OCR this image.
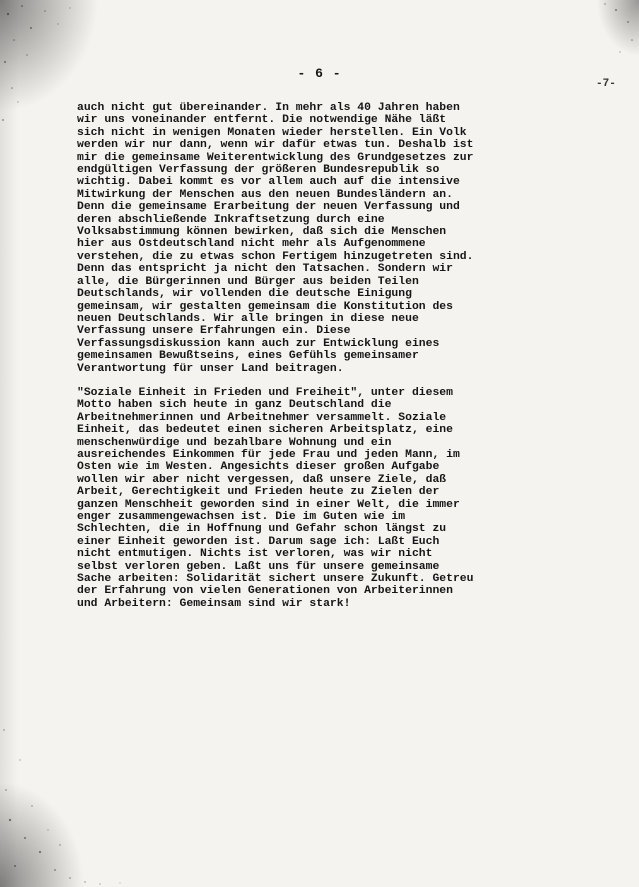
- 6 -
-7-

auch nicht gut übereinander. In mehr als 40 Jahren haben
wir uns voneinander entfernt. Die notwendige Nähe läßt
sich nicht in wenigen Monaten wieder herstellen. Ein Volk
werden wir nur dann, wenn wir dafür etwas tun. Deshalb ist
mir die gemeinsame Weiterentwicklung des Grundgesetzes zur
endgültigen Verfassung der größeren Bundesrepublik so
wichtig. Dabei kommt es vor allem auch auf die intensive
Mitwirkung der Menschen aus den neuen Bundesländern an.
Denn die gemeinsame Erarbeitung der neuen Verfassung und
deren abschließende Inkraftsetzung durch eine
Volksabstimmung können bewirken, daß sich die Menschen
hier aus Ostdeutschland nicht mehr als Aufgenommene
verstehen, die zu etwas schon Fertigem hinzugetreten sind.
Denn das entspricht ja nicht den Tatsachen. Sondern wir
alle, die Bürgerinnen und Bürger aus beiden Teilen
Deutschlands, wir vollenden die deutsche Einigung
gemeinsam, wir gestalten gemeinsam die Konstitution des
neuen Deutschlands. Wir alle bringen in diese neue
Verfassung unsere Erfahrungen ein. Diese
Verfassungsdiskussion kann auch zur Entwicklung eines
gemeinsamen Bewußtseins, eines Gefühls gemeinsamer
Verantwortung für unser Land beitragen.

"Soziale Einheit in Frieden und Freiheit", unter diesem
Motto haben sich heute in ganz Deutschland die
Arbeitnehmerinnen und Arbeitnehmer versammelt. Soziale
Einheit, das bedeutet einen sicheren Arbeitsplatz, eine
menschenwürdige und bezahlbare Wohnung und ein
ausreichendes Einkommen für jede Frau und jeden Mann, im
Osten wie im Westen. Angesichts dieser großen Aufgabe
wollen wir aber nicht vergessen, daß unsere Ziele, daß
Arbeit, Gerechtigkeit und Frieden heute zu Zielen der
ganzen Menschheit geworden sind in einer Welt, die immer
enger zusammengewachsen ist. Die im Guten wie im
Schlechten, die in Hoffnung und Gefahr schon längst zu
einer Einheit geworden ist. Darum sage ich: Laßt Euch
nicht entmutigen. Nichts ist verloren, was wir nicht
selbst verloren geben. Laßt uns für unsere gemeinsame
Sache arbeiten: Solidarität sichert unsere Zukunft. Getreu
der Erfahrung von vielen Generationen von Arbeiterinnen
und Arbeitern: Gemeinsam sind wir stark!
